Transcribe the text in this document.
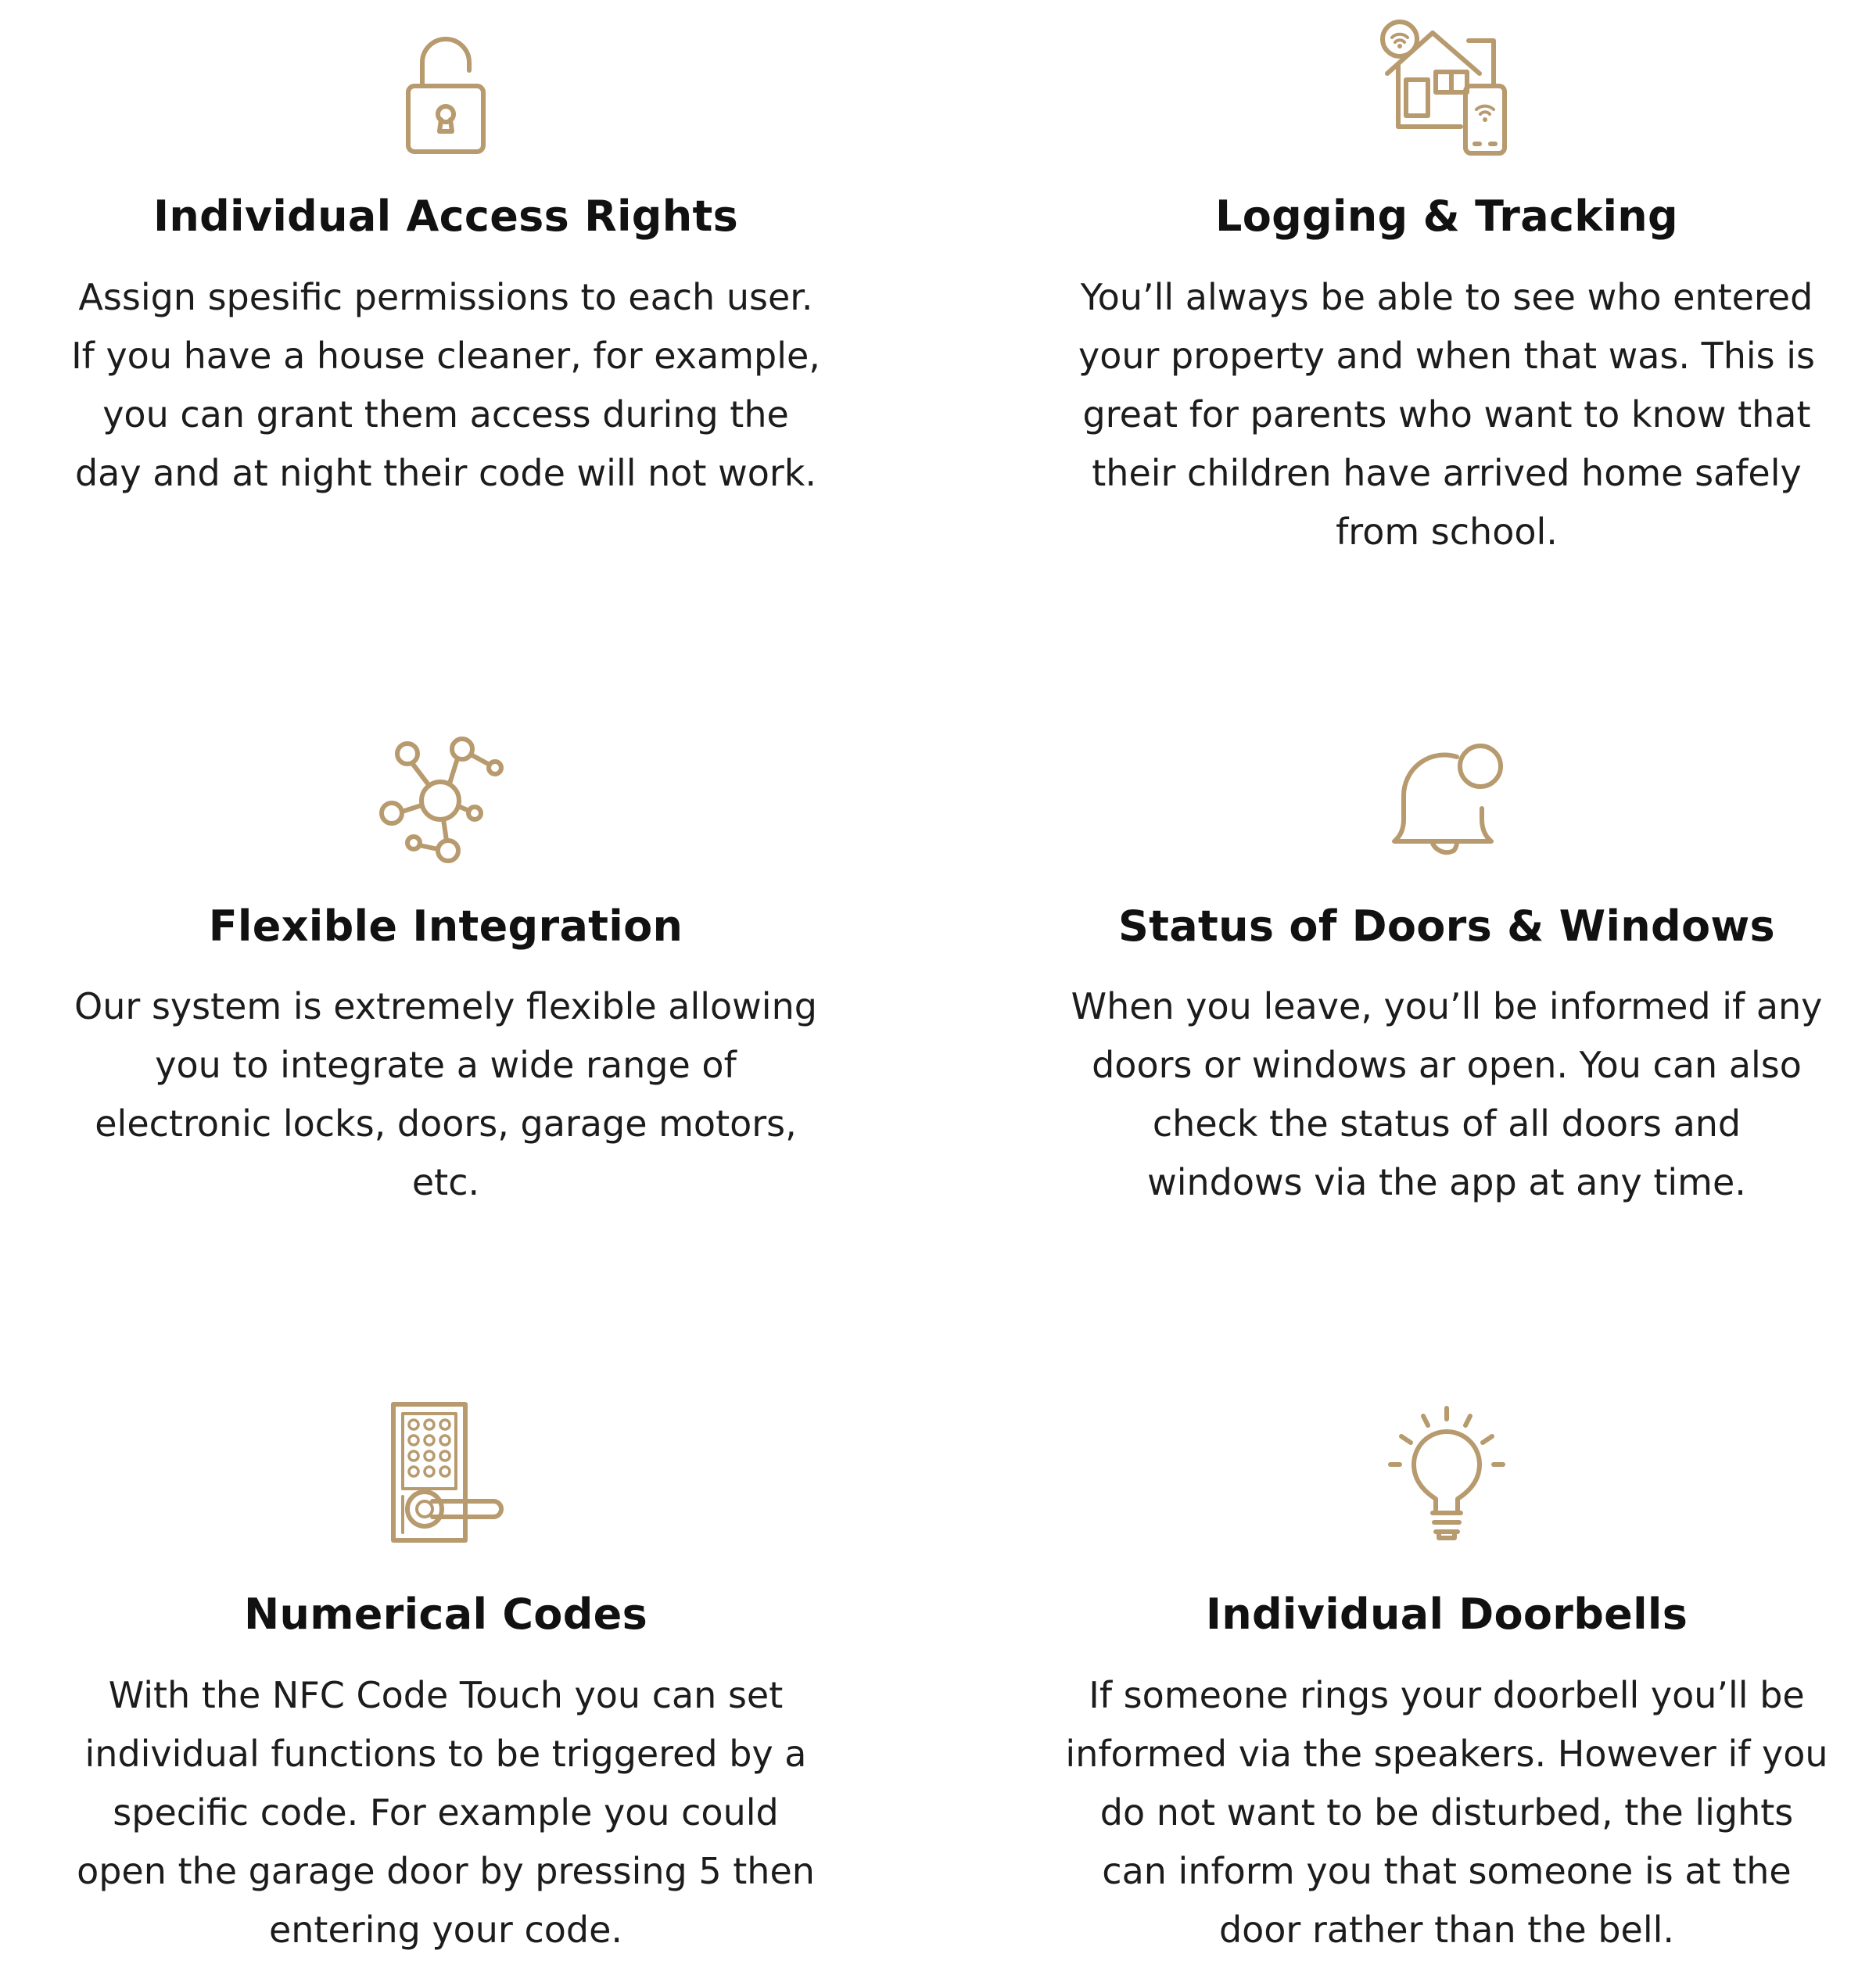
Individual Access Rights

Assign spesific permissions to each user.
If you have a house cleaner, for example,
you can grant them access during the
day and at night their code will not work.

Logging & Tracking

You’ll always be able to see who entered
your property and when that was. This is
great for parents who want to know that
their children have arrived home safely
from school.

Flexible Integration

Our system is extremely flexible allowing
you to integrate a wide range of
electronic locks, doors, garage motors,
etc.

Status of Doors & Windows

When you leave, you’ll be informed if any
doors or windows ar open. You can also
check the status of all doors and
windows via the app at any time.

Numerical Codes

With the NFC Code Touch you can set
individual functions to be triggered by a
specific code. For example you could
open the garage door by pressing 5 then
entering your code.

Individual Doorbells

If someone rings your doorbell you’ll be
informed via the speakers. However if you
do not want to be disturbed, the lights
can inform you that someone is at the
door rather than the bell.
